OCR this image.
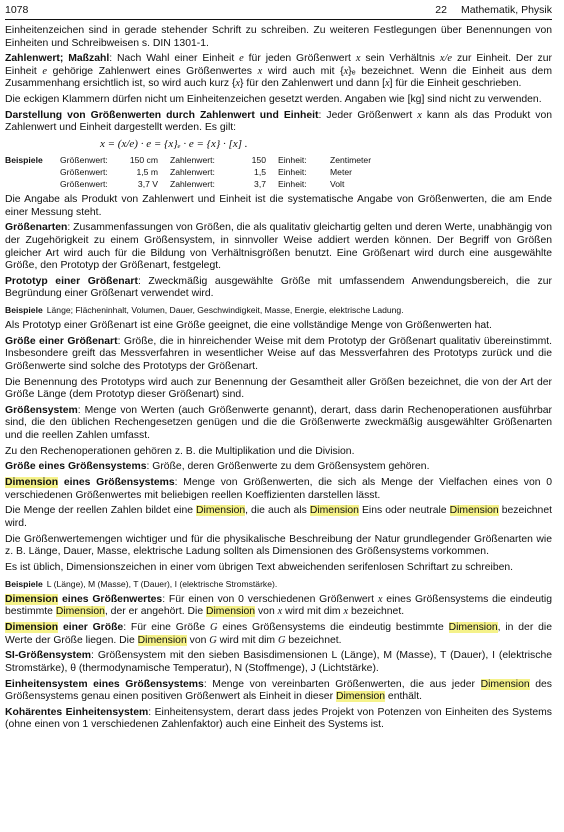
1078	22 Mathematik, Physik

Einheitenzeichen sind in gerade stehender Schrift zu schreiben. Zu weiteren Festlegungen über Benennungen von Einheiten und Schreibweisen s. DIN 1301-1.

Zahlenwert; Maßzahl: Nach Wahl einer Einheit e für jeden Größenwert x sein Verhältnis x/e zur Einheit. Der zur Einheit e gehörige Zahlenwert eines Größenwertes x wird auch mit {x}ₑ bezeichnet. Wenn die Einheit aus dem Zusammenhang ersichtlich ist, so wird auch kurz {x} für den Zahlenwert und dann [x] für die Einheit geschrieben.

Die eckigen Klammern dürfen nicht um Einheitenzeichen gesetzt werden. Angaben wie [kg] sind nicht zu verwenden.

Darstellung von Größenwerten durch Zahlenwert und Einheit: Jeder Größenwert x kann als das Produkt von Zahlenwert und Einheit dargestellt werden. Es gilt:

x = (x/e) · e = {x}ₑ · e = {x} · [x] .
Beispiele	Größenwert:	150 cm	Zahlenwert:	150	Einheit:	Zentimeter
Größenwert:	1,5 m	Zahlenwert:	1,5	Einheit:	Meter
Größenwert:	3,7 V	Zahlenwert:	3,7	Einheit:	Volt

Die Angabe als Produkt von Zahlenwert und Einheit ist die systematische Angabe von Größenwerten, die am Ende einer Messung steht.

Größenarten: Zusammenfassungen von Größen, die als qualitativ gleichartig gelten und deren Werte, unabhängig von der Zugehörigkeit zu einem Größensystem, in sinnvoller Weise addiert werden können. Der Begriff von Größen gleicher Art wird auch für die Bildung von Verhältnisgrößen benutzt. Eine Größenart wird durch eine ausgewählte Größe, den Prototyp der Größenart, festgelegt.

Prototyp einer Größenart: Zweckmäßig ausgewählte Größe mit umfassendem Anwendungsbereich, die zur Begründung einer Größenart verwendet wird.

Beispiele Länge; Flächeninhalt, Volumen, Dauer, Geschwindigkeit, Masse, Energie, elektrische Ladung.

Als Prototyp einer Größenart ist eine Größe geeignet, die eine vollständige Menge von Größenwerten hat.

Größe einer Größenart: Größe, die in hinreichender Weise mit dem Prototyp der Größenart qualitativ übereinstimmt. Insbesondere greift das Messverfahren in wesentlicher Weise auf das Messverfahren des Prototyps zurück und die Größenwerte sind solche des Prototyps der Größenart.

Die Benennung des Prototyps wird auch zur Benennung der Gesamtheit aller Größen bezeichnet, die von der Art der Größe Länge (dem Prototyp dieser Größenart) sind.

Größensystem: Menge von Werten (auch Größenwerte genannt), derart, dass darin Rechenoperationen ausführbar sind, die den üblichen Rechengesetzen genügen und die die Größenwerte zweckmäßig ausgewählter Größenarten und die reellen Zahlen umfasst.

Zu den Rechenoperationen gehören z. B. die Multiplikation und die Division.

Größe eines Größensystems: Größe, deren Größenwerte zu dem Größensystem gehören.

Dimension eines Größensystems: Menge von Größenwerten, die sich als Menge der Vielfachen eines von 0 verschiedenen Größenwertes mit beliebigen reellen Koeffizienten darstellen lässt.

Die Menge der reellen Zahlen bildet eine Dimension, die auch als Dimension Eins oder neutrale Dimension bezeichnet wird.

Die Größenwertemengen wichtiger und für die physikalische Beschreibung der Natur grundlegender Größenarten wie z. B. Länge, Dauer, Masse, elektrische Ladung sollten als Dimensionen des Größensystems vorkommen.

Es ist üblich, Dimensionszeichen in einer vom übrigen Text abweichenden serifenlosen Schriftart zu schreiben.

Beispiele L (Länge), M (Masse), T (Dauer), I (elektrische Stromstärke).

Dimension eines Größenwertes: Für einen von 0 verschiedenen Größenwert x eines Größensystems die eindeutig bestimmte Dimension, der er angehört. Die Dimension von x wird mit dim x bezeichnet.

Dimension einer Größe: Für eine Größe G eines Größensystems die eindeutig bestimmte Dimension, in der die Werte der Größe liegen. Die Dimension von G wird mit dim G bezeichnet.

SI-Größensystem: Größensystem mit den sieben Basisdimensionen L (Länge), M (Masse), T (Dauer), I (elektrische Stromstärke), θ (thermodynamische Temperatur), N (Stoffmenge), J (Lichtstärke).

Einheitensystem eines Größensystems: Menge von vereinbarten Größenwerten, die aus jeder Dimension des Größensystems genau einen positiven Größenwert als Einheit in dieser Dimension enthält.

Kohärentes Einheitensystem: Einheitensystem, derart dass jedes Projekt von Potenzen von Einheiten des Systems (ohne einen von 1 verschiedenen Zahlenfaktor) auch eine Einheit des Systems ist.
